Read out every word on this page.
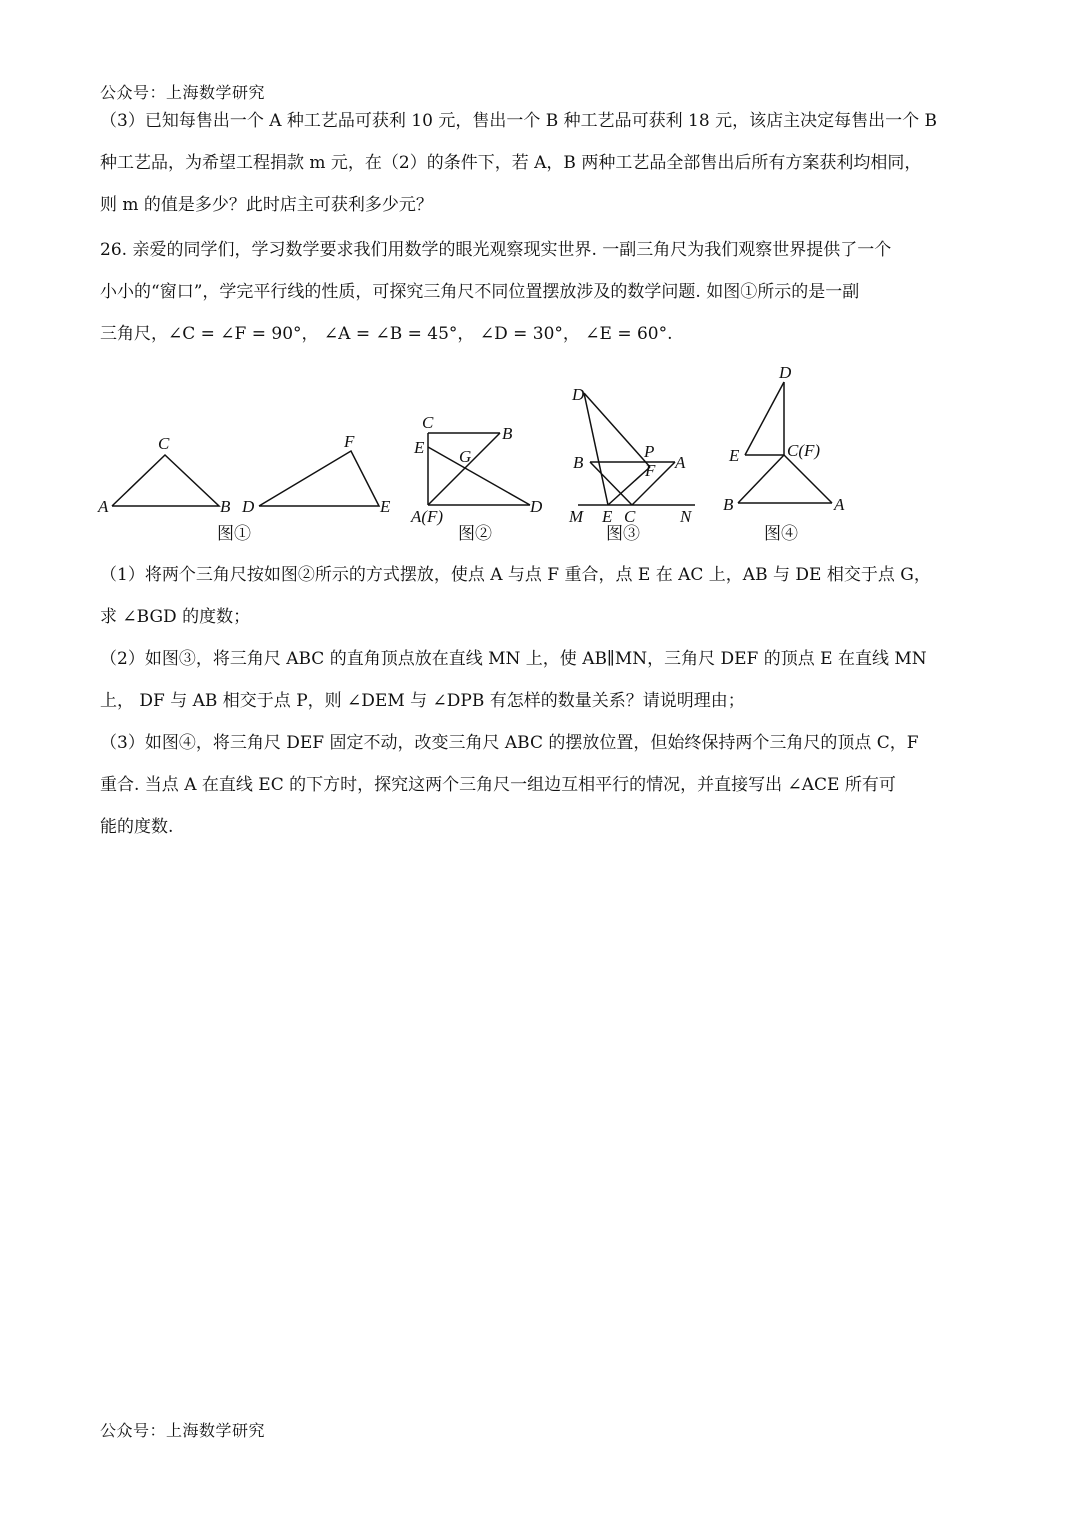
公众号：上海数学研究
（3）已知每售出一个 A 种工艺品可获利 10 元，售出一个 B 种工艺品可获利 18 元，该店主决定每售出一个 B
种工艺品，为希望工程捐款 m 元，在（2）的条件下，若 A，B 两种工艺品全部售出后所有方案获利均相同，
则 m 的值是多少？此时店主可获利多少元？
26. 亲爱的同学们，学习数学要求我们用数学的眼光观察现实世界. 一副三角尺为我们观察世界提供了一个
小小的“窗口”，学完平行线的性质，可探究三角尺不同位置摆放涉及的数学问题. 如图①所示的是一副
三角尺，∠C = ∠F = 90°， ∠A = ∠B = 45°， ∠D = 30°， ∠E = 60°.
A	B
C
D	E
F
图①
C
B
E G
A(F)
D
图②
D
B
P
A
F
M E C	N
图③
D
E	C(F)
B	A
图④
（1）将两个三角尺按如图②所示的方式摆放，使点 A 与点 F 重合，点 E 在 AC 上，AB 与 DE 相交于点 G，
求 ∠BGD 的度数；
（2）如图③，将三角尺 ABC 的直角顶点放在直线 MN 上，使 AB∥MN，三角尺 DEF 的顶点 E 在直线 MN
上， DF 与 AB 相交于点 P，则 ∠DEM 与 ∠DPB 有怎样的数量关系？请说明理由；
（3）如图④，将三角尺 DEF 固定不动，改变三角尺 ABC 的摆放位置，但始终保持两个三角尺的顶点 C，F
重合. 当点 A 在直线 EC 的下方时，探究这两个三角尺一组边互相平行的情况，并直接写出 ∠ACE 所有可
能的度数.
公众号：上海数学研究
